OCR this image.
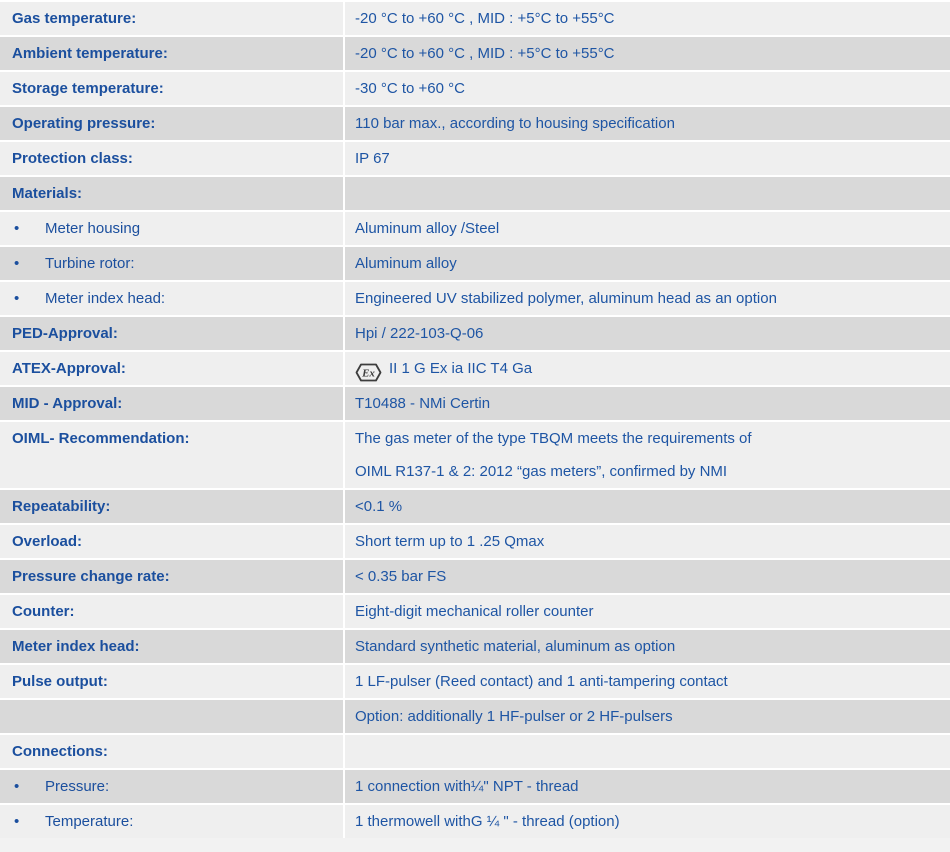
Gas temperature:	-20 °C to +60 °C , MID : +5°C to +55°C
Ambient temperature:	-20 °C to +60 °C , MID : +5°C to +55°C
Storage temperature:	-30 °C to +60 °C
Operating pressure:	110 bar max., according to housing specification
Protection class:	IP 67
Materials:
•	Meter housing	Aluminum alloy /Steel
•	Turbine rotor:	Aluminum alloy
•	Meter index head:	Engineered UV stabilized polymer, aluminum head as an option
PED-Approval:	Hpi / 222-103-Q-06
ATEX-Approval:	Ex II 1 G Ex ia IIC T4 Ga
MID - Approval:	T10488 - NMi Certin
OIML- Recommendation:	The gas meter of the type TBQM meets the requirements of
OIML R137-1 & 2: 2012 “gas meters”, confirmed by NMI
Repeatability:	<0.1 %
Overload:	Short term up to 1 .25 Qmax
Pressure change rate:	< 0.35 bar FS
Counter:	Eight-digit mechanical roller counter
Meter index head:	Standard synthetic material, aluminum as option
Pulse output:	1 LF-pulser (Reed contact) and 1 anti-tampering contact
Option: additionally 1 HF-pulser or 2 HF-pulsers
Connections:
•	Pressure:	1 connection with¼" NPT - thread
•	Temperature:	1 thermowell withG ¼ " - thread (option)
